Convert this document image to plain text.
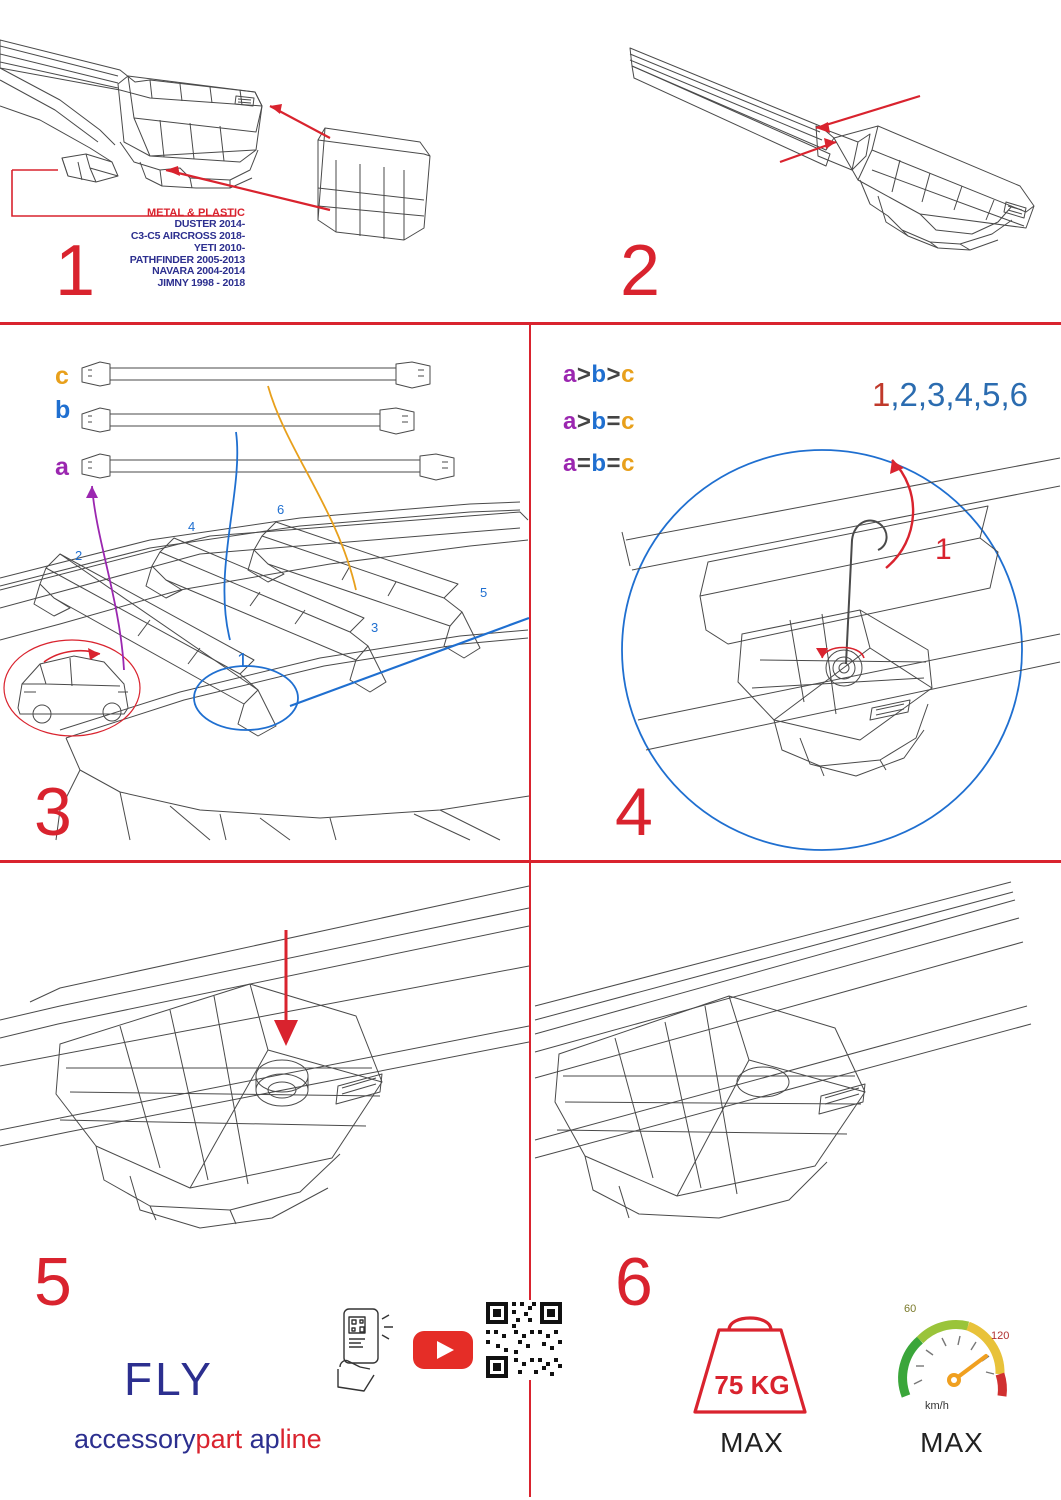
METAL & PLASTIC
DUSTER 2014-
C3-C5 AIRCROSS 2018-
YETI 2010-
PATHFINDER 2005-2013
NAVARA 2004-2014
JIMNY 1998 - 2018
1	2
c
b
a
a>b>c
a>b=c
a=b=c
1
2
3
4
5
6
3
1,2,3,4,5,6
1
4
5	6
FLY
accessorypart apline
75 KG
MAX
60
120
km/h
MAX
